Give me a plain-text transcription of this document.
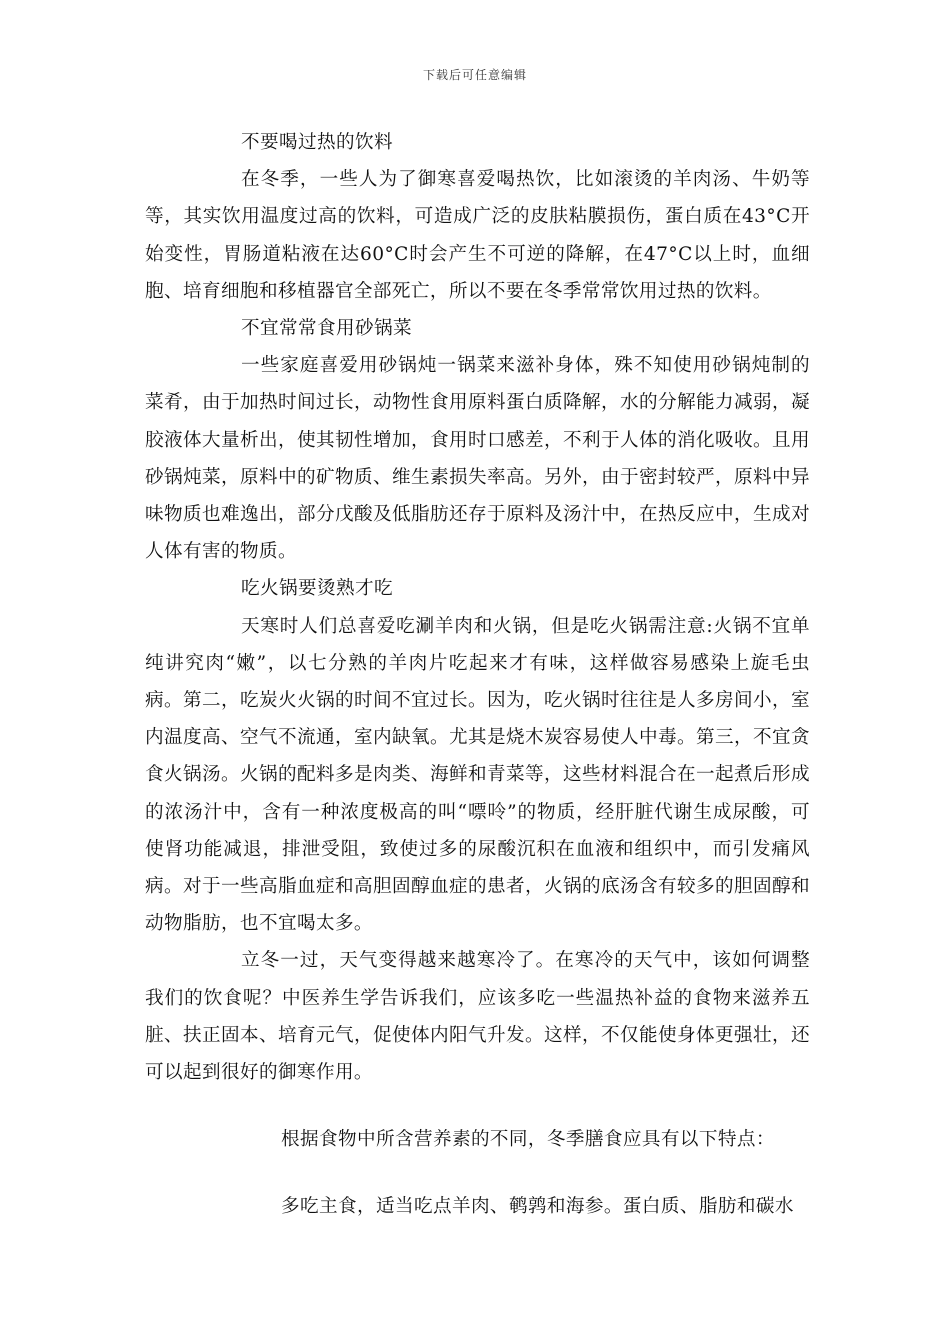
下载后可任意编辑

不要喝过热的饮料

在冬季，一些人为了御寒喜爱喝热饮，比如滚烫的羊肉汤、牛奶等等，其实饮用温度过高的饮料，可造成广泛的皮肤粘膜损伤，蛋白质在43°C开始变性，胃肠道粘液在达60°C时会产生不可逆的降解，在47°C以上时，血细胞、培育细胞和移植器官全部死亡，所以不要在冬季常常饮用过热的饮料。

不宜常常食用砂锅菜

一些家庭喜爱用砂锅炖一锅菜来滋补身体，殊不知使用砂锅炖制的菜肴，由于加热时间过长，动物性食用原料蛋白质降解，水的分解能力减弱，凝胶液体大量析出，使其韧性增加，食用时口感差，不利于人体的消化吸收。且用砂锅炖菜，原料中的矿物质、维生素损失率高。另外，由于密封较严，原料中异味物质也难逸出，部分戊酸及低脂肪还存于原料及汤汁中，在热反应中，生成对人体有害的物质。

吃火锅要烫熟才吃

天寒时人们总喜爱吃涮羊肉和火锅，但是吃火锅需注意:火锅不宜单纯讲究肉“嫩”，以七分熟的羊肉片吃起来才有味，这样做容易感染上旋毛虫病。第二，吃炭火火锅的时间不宜过长。因为，吃火锅时往往是人多房间小，室内温度高、空气不流通，室内缺氧。尤其是烧木炭容易使人中毒。第三，不宜贪食火锅汤。火锅的配料多是肉类、海鲜和青菜等，这些材料混合在一起煮后形成的浓汤汁中，含有一种浓度极高的叫“嘌呤”的物质，经肝脏代谢生成尿酸，可使肾功能减退，排泄受阻，致使过多的尿酸沉积在血液和组织中，而引发痛风病。对于一些高脂血症和高胆固醇血症的患者，火锅的底汤含有较多的胆固醇和动物脂肪，也不宜喝太多。

立冬一过，天气变得越来越寒冷了。在寒冷的天气中，该如何调整我们的饮食呢？中医养生学告诉我们，应该多吃一些温热补益的食物来滋养五脏、扶正固本、培育元气，促使体内阳气升发。这样，不仅能使身体更强壮，还可以起到很好的御寒作用。

根据食物中所含营养素的不同，冬季膳食应具有以下特点：

多吃主食，适当吃点羊肉、鹌鹑和海参。蛋白质、脂肪和碳水
